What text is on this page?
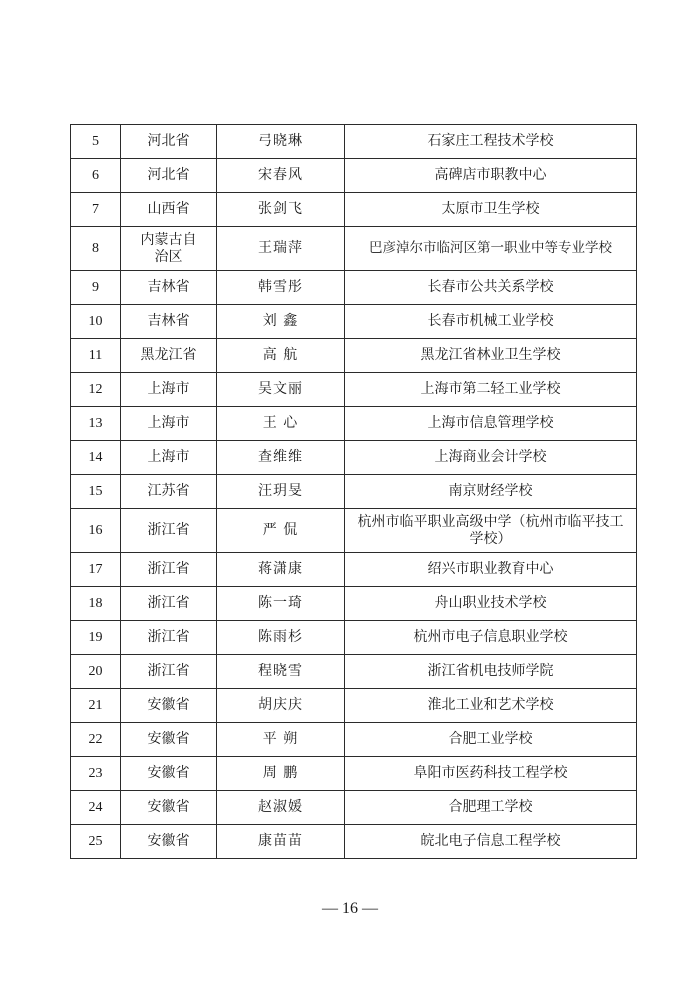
5	河北省	弓晓琳	石家庄工程技术学校
6	河北省	宋春风	高碑店市职教中心
7	山西省	张剑飞	太原市卫生学校
8	内蒙古自治区	王瑞萍	巴彦淖尔市临河区第一职业中等专业学校
9	吉林省	韩雪彤	长春市公共关系学校
10	吉林省	刘 鑫	长春市机械工业学校
11	黑龙江省	高 航	黑龙江省林业卫生学校
12	上海市	吴文丽	上海市第二轻工业学校
13	上海市	王 心	上海市信息管理学校
14	上海市	查维维	上海商业会计学校
15	江苏省	汪玥旻	南京财经学校
16	浙江省	严 侃	杭州市临平职业高级中学（杭州市临平技工学校）
17	浙江省	蒋潇康	绍兴市职业教育中心
18	浙江省	陈一琦	舟山职业技术学校
19	浙江省	陈雨杉	杭州市电子信息职业学校
20	浙江省	程晓雪	浙江省机电技师学院
21	安徽省	胡庆庆	淮北工业和艺术学校
22	安徽省	平 朔	合肥工业学校
23	安徽省	周 鹏	阜阳市医药科技工程学校
24	安徽省	赵淑媛	合肥理工学校
25	安徽省	康苗苗	皖北电子信息工程学校
— 16 —
